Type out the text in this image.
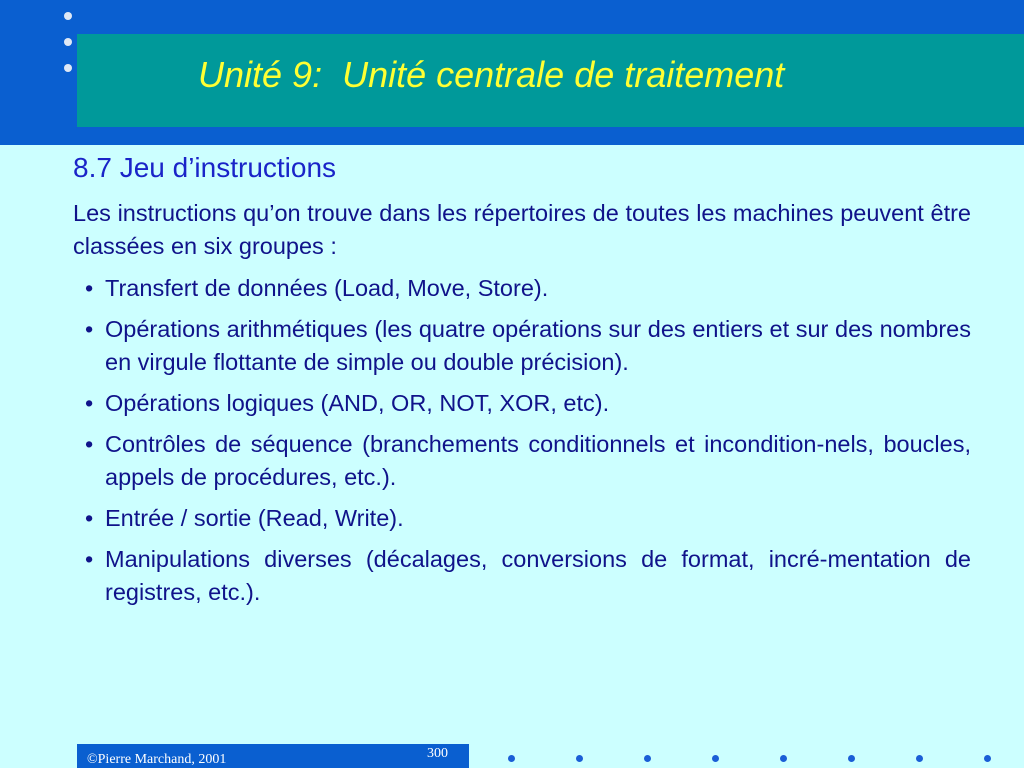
Unité 9:  Unité centrale de traitement
8.7 Jeu d’instructions

Les instructions qu’on trouve dans les répertoires de toutes les machines peuvent être classées en six groupes :

• Transfert de données (Load, Move, Store).
• Opérations arithmétiques (les quatre opérations sur des entiers et sur des nombres en virgule flottante de simple ou double précision).
• Opérations logiques (AND, OR, NOT, XOR, etc).
• Contrôles de séquence (branchements conditionnels et incondition-nels, boucles, appels de procédures, etc.).
• Entrée / sortie (Read, Write).
• Manipulations diverses (décalages, conversions de format, incré-mentation de registres, etc.).
©Pierre Marchand, 2001	300
